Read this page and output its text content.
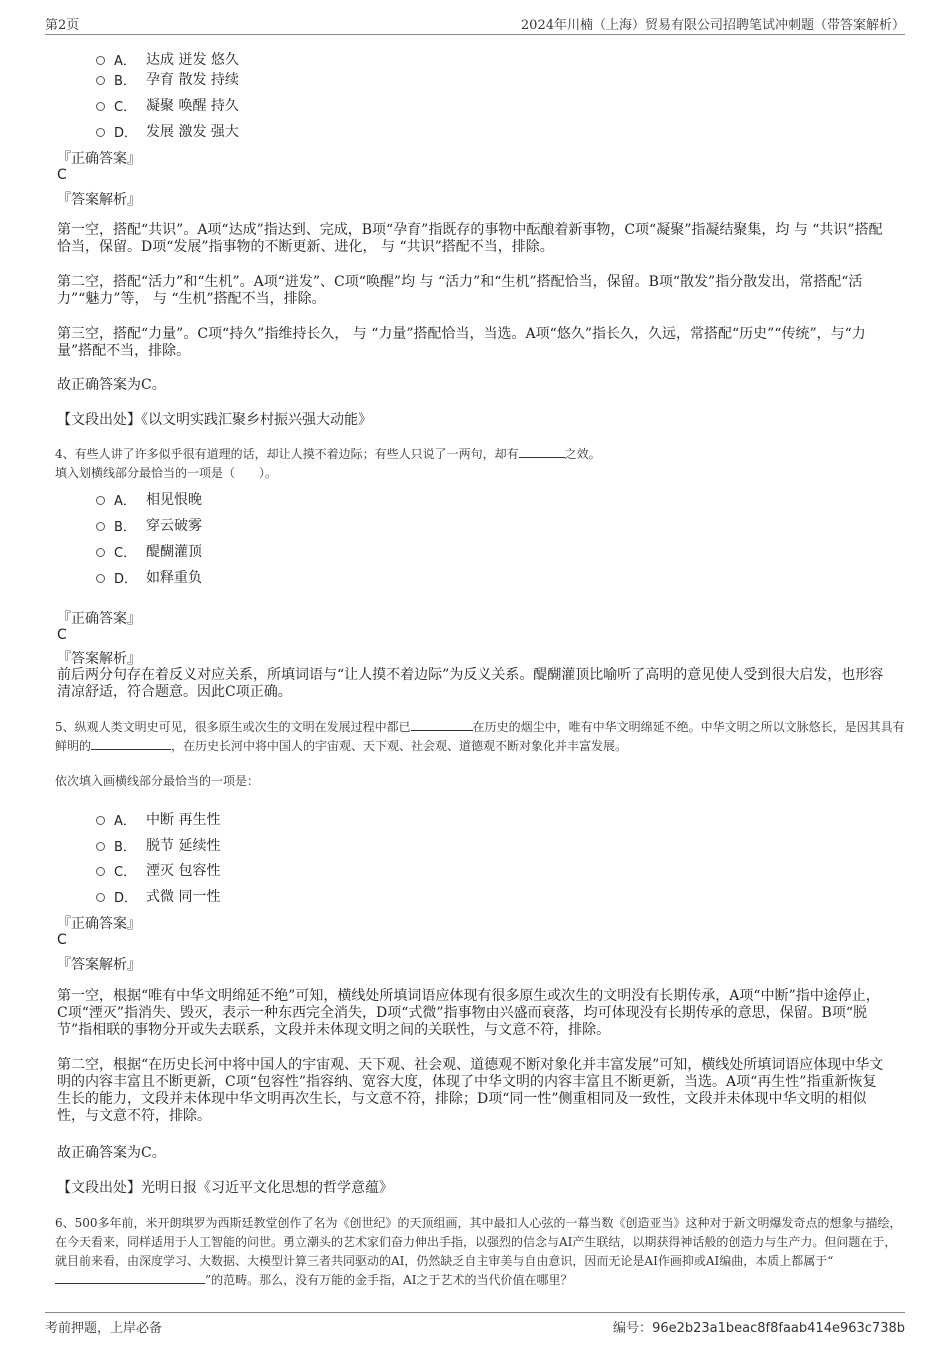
第2页	2024年川楠（上海）贸易有限公司招聘笔试冲刺题（带答案解析）
A． 达成 迸发 悠久
B． 孕育 散发 持续
C． 凝聚 唤醒 持久
D． 发展 激发 强大
『正确答案』
C
『答案解析』
第一空，搭配“共识”。A项“达成”指达到、完成，B项“孕育”指既存的事物中酝酿着新事物，C项“凝聚”指凝结聚集，均 与 “共识”搭配恰当，保留。D项“发展”指事物的不断更新、进化， 与 “共识”搭配不当，排除。
第二空，搭配“活力”和“生机”。A项“迸发”、C项“唤醒”均 与 “活力”和“生机”搭配恰当，保留。B项“散发”指分散发出，常搭配“活力”“魅力”等， 与 “生机”搭配不当，排除。
第三空，搭配“力量”。C项“持久”指维持长久， 与 “力量”搭配恰当，当选。A项“悠久”指长久，久远，常搭配“历史”“传统”，与“力量”搭配不当，排除。
故正确答案为C。
【文段出处】《以文明实践汇聚乡村振兴强大动能》
4、有些人讲了许多似乎很有道理的话，却让人摸不着边际；有些人只说了一两句，却有	之效。
填入划横线部分最恰当的一项是（　　）。
A． 相见恨晚
B． 穿云破雾
C． 醍醐灌顶
D． 如释重负
『正确答案』
C
『答案解析』
前后两分句存在着反义对应关系，所填词语与“让人摸不着边际”为反义关系。醍醐灌顶比喻听了高明的意见使人受到很大启发，也形容清凉舒适，符合题意。因此C项正确。
5、纵观人类文明史可见，很多原生或次生的文明在发展过程中都已	在历史的烟尘中，唯有中华文明绵延不绝。中华文明之所以文脉悠长，是因其具有鲜明的	，在历史长河中将中国人的宇宙观、天下观、社会观、道德观不断对象化并丰富发展。
依次填入画横线部分最恰当的一项是：
A． 中断 再生性
B． 脱节 延续性
C． 湮灭 包容性
D． 式微 同一性
『正确答案』
C
『答案解析』
第一空，根据“唯有中华文明绵延不绝”可知，横线处所填词语应体现有很多原生或次生的文明没有长期传承，A项“中断”指中途停止，C项“湮灭”指消失、毁灭，表示一种东西完全消失，D项“式微”指事物由兴盛而衰落，均可体现没有长期传承的意思，保留。B项“脱节”指相联的事物分开或失去联系，文段并未体现文明之间的关联性，与文意不符，排除。
第二空，根据“在历史长河中将中国人的宇宙观、天下观、社会观、道德观不断对象化并丰富发展”可知，横线处所填词语应体现中华文明的内容丰富且不断更新，C项“包容性”指容纳、宽容大度，体现了中华文明的内容丰富且不断更新，当选。A项“再生性”指重新恢复生长的能力，文段并未体现中华文明再次生长，与文意不符，排除；D项“同一性”侧重相同及一致性，文段并未体现中华文明的相似性，与文意不符，排除。
故正确答案为C。
【文段出处】光明日报《习近平文化思想的哲学意蕴》
6、500多年前，米开朗琪罗为西斯廷教堂创作了名为《创世纪》的天顶组画，其中最扣人心弦的一幕当数《创造亚当》这种对于新文明爆发奇点的想象与描绘，在今天看来，同样适用于人工智能的问世。勇立潮头的艺术家们奋力伸出手指，以强烈的信念与AI产生联结，以期获得神话般的创造力与生产力。但问题在于，就目前来看，由深度学习、大数据、大模型计算三者共同驱动的AI，仍然缺乏自主审美与自由意识，因而无论是AI作画抑或AI编曲，本质上都属于“”的范畴。那么，没有万能的金手指，AI之于艺术的当代价值在哪里？
考前押题，上岸必备	编号：96e2b23a1beac8f8faab414e963c738b
